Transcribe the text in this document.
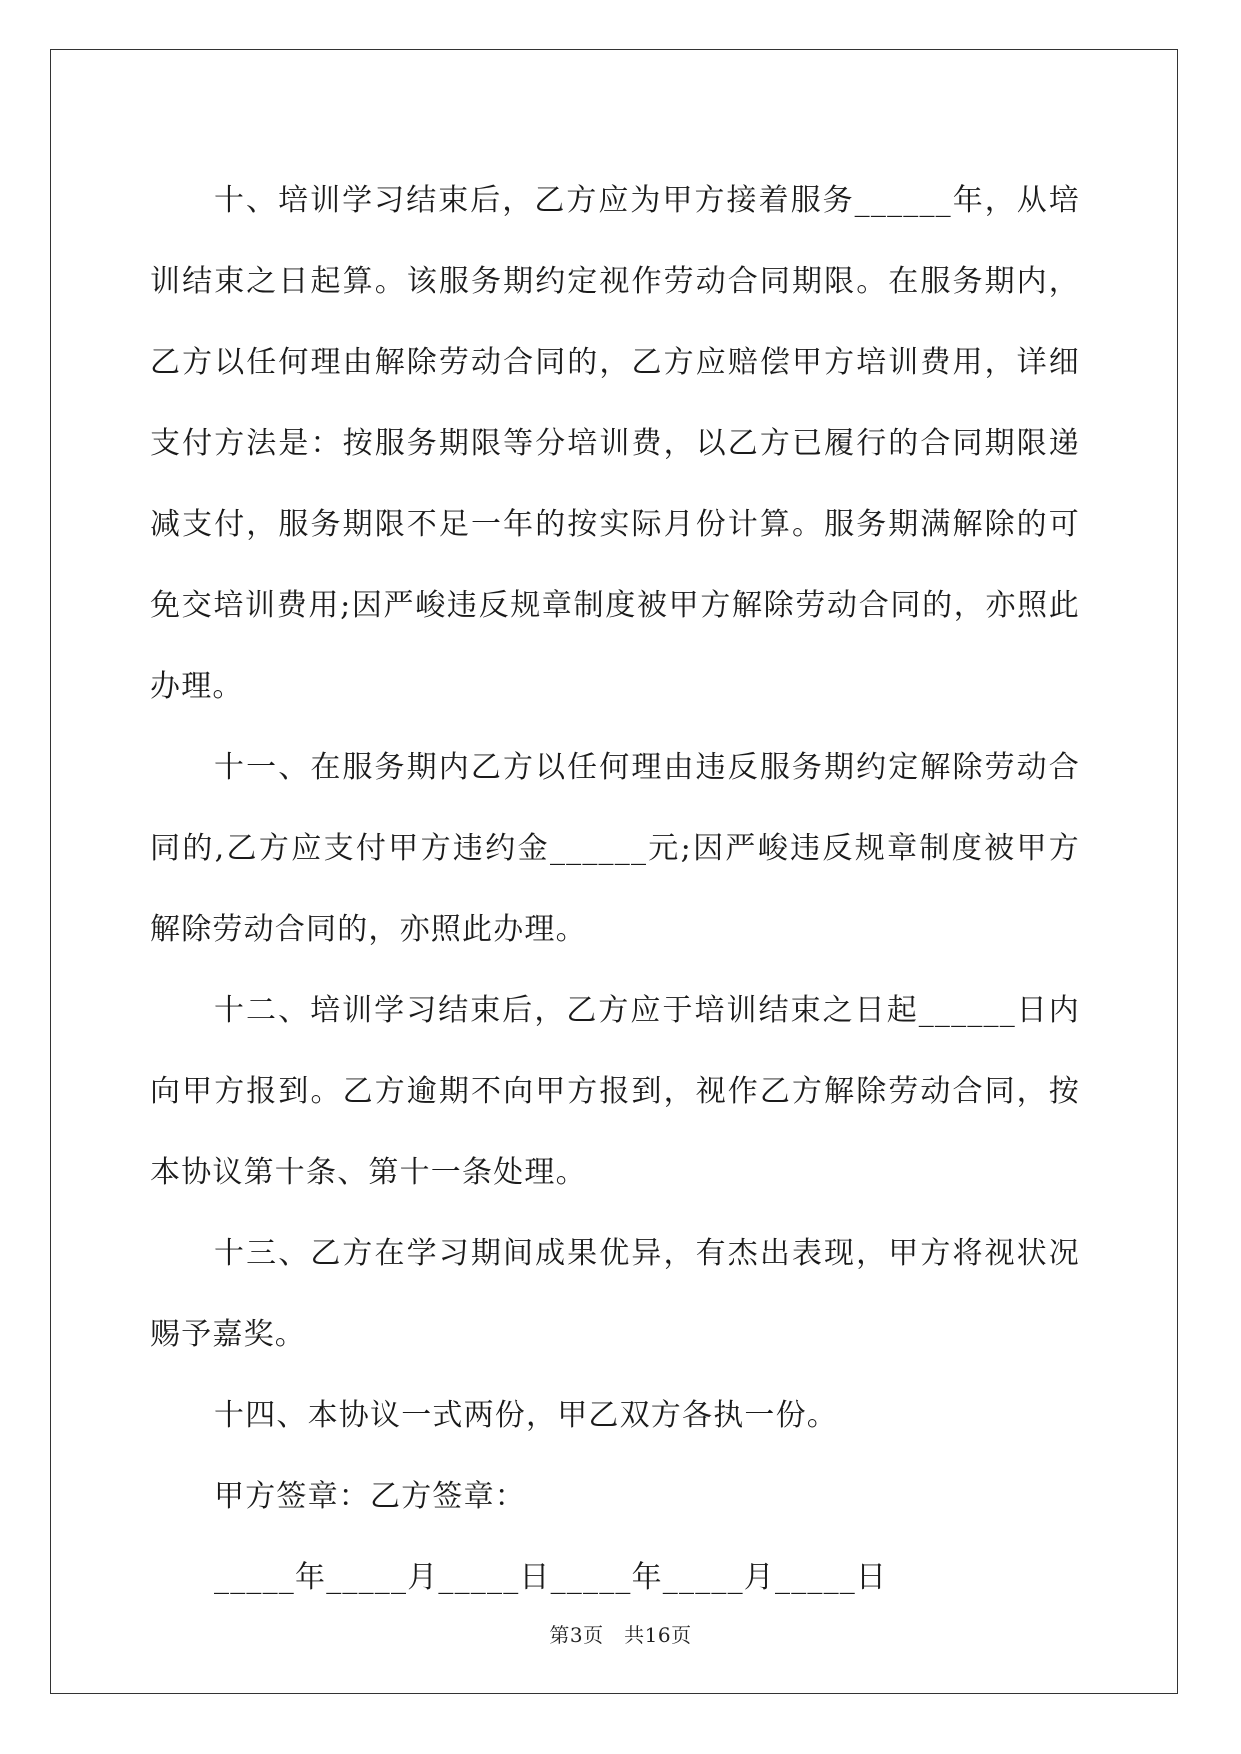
十、培训学习结束后，乙方应为甲方接着服务______年，从培训结束之日起算。该服务期约定视作劳动合同期限。在服务期内，乙方以任何理由解除劳动合同的，乙方应赔偿甲方培训费用，详细支付方法是：按服务期限等分培训费，以乙方已履行的合同期限递减支付，服务期限不足一年的按实际月份计算。服务期满解除的可免交培训费用;因严峻违反规章制度被甲方解除劳动合同的，亦照此办理。

十一、在服务期内乙方以任何理由违反服务期约定解除劳动合同的,乙方应支付甲方违约金______元;因严峻违反规章制度被甲方解除劳动合同的，亦照此办理。

十二、培训学习结束后，乙方应于培训结束之日起______日内向甲方报到。乙方逾期不向甲方报到，视作乙方解除劳动合同，按本协议第十条、第十一条处理。

十三、乙方在学习期间成果优异，有杰出表现，甲方将视状况赐予嘉奖。

十四、本协议一式两份，甲乙双方各执一份。

甲方签章：乙方签章：

_____年_____月_____日_____年_____月_____日

第3页　共16页
